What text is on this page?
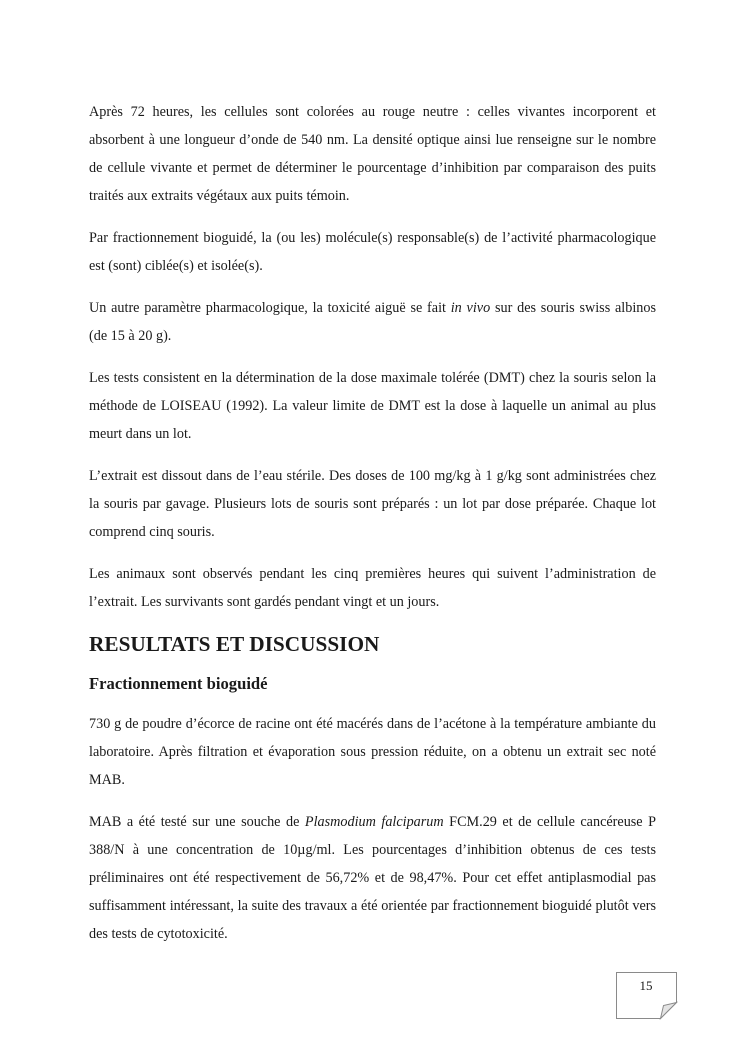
Après 72 heures, les cellules sont colorées au rouge neutre : celles vivantes incorporent et absorbent à une longueur d’onde de 540 nm. La densité optique ainsi lue renseigne sur le nombre de cellule vivante et permet de déterminer le pourcentage d’inhibition par comparaison des puits traités aux extraits végétaux aux puits témoin.

Par fractionnement bioguidé, la (ou les) molécule(s) responsable(s) de l’activité pharmacologique est (sont) ciblée(s) et isolée(s).

Un autre paramètre pharmacologique, la toxicité aiguë se fait in vivo sur des souris swiss albinos (de 15 à 20 g).

Les tests consistent en la détermination de la dose maximale tolérée (DMT) chez la souris selon la méthode de LOISEAU (1992). La valeur limite de DMT est la dose à laquelle un animal au plus meurt dans un lot.

L’extrait est dissout dans de l’eau stérile. Des doses de 100 mg/kg à 1 g/kg sont administrées chez la souris par gavage. Plusieurs lots de souris sont préparés : un lot par dose préparée. Chaque lot comprend cinq souris.

Les animaux sont observés pendant les cinq premières heures qui suivent l’administration de l’extrait. Les survivants sont gardés pendant vingt et un jours.

RESULTATS ET DISCUSSION
Fractionnement bioguidé

730 g de poudre d’écorce de racine ont été macérés dans de l’acétone à la température ambiante du laboratoire. Après filtration et évaporation sous pression réduite, on a obtenu un extrait sec noté MAB.

MAB a été testé sur une souche de Plasmodium falciparum FCM.29 et de cellule cancéreuse P 388/N à une concentration de 10µg/ml. Les pourcentages d’inhibition obtenus de ces tests préliminaires ont été respectivement de 56,72% et de 98,47%. Pour cet effet antiplasmodial pas suffisamment intéressant, la suite des travaux a été orientée par fractionnement bioguidé plutôt vers des tests de cytotoxicité.

15
